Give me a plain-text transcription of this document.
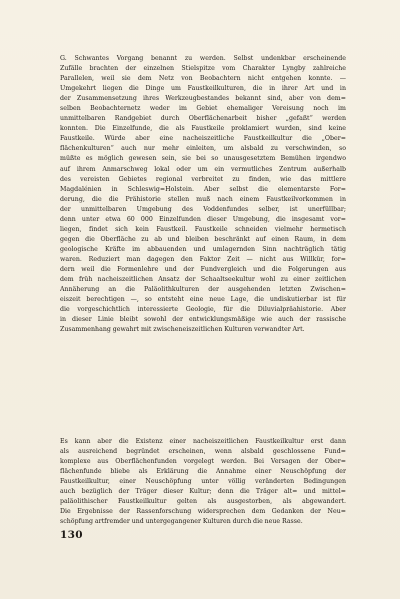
G. Schwantes Vorgang benannt zu werden. Selbst undenkbar erscheinende
Zufälle brachten der einzelnen Stielspitze vom Charakter Lyngby zahlreiche
Parallelen, weil sie dem Netz von Beobachtern nicht entgehen konnte. —
Umgekehrt liegen die Dinge um Faustkeilkulturen, die in ihrer Art und in
der Zusammensetzung ihres Werkzeugbestandes bekannt sind, aber von dem=
selben Beobachternetz weder im Gebiet ehemaliger Vereisung noch im
unmittelbaren Randgebiet durch Oberflächenarbeit bisher „gefaßt“ werden
konnten. Die Einzelfunde, die als Faustkeile proklamiert wurden, sind keine
Faustkeile. Würde aber eine nacheiszeitliche Faustkeilkultur die „Ober=
flächenkulturen“ auch nur mehr einleiten, um alsbald zu verschwinden, so
müßte es möglich gewesen sein, sie bei so unausgesetztem Bemühen irgendwo
auf ihrem Anmarschweg lokal oder um ein vermutliches Zentrum außerhalb
des vereisten Gebietes regional verbreitet zu finden, wie das mittlere
Magdalénien in Schleswig=Holstein. Aber selbst die elementarste For=
derung, die die Prähistorie stellen muß nach einem Faustkeilvorkommen in
der unmittelbaren Umgebung des Voddenfundes selber, ist unerfüllbar;
denn unter etwa 60 000 Einzelfunden dieser Umgebung, die insgesamt vor=
liegen, findet sich kein Faustkeil. Faustkeile schneiden vielmehr hermetisch
gegen die Oberfläche zu ab und bleiben beschränkt auf einen Raum, in dem
geologische Kräfte im abbauenden und umlagernden Sinn nachträglich tätig
waren. Reduziert man dagegen den Faktor Zeit — nicht aus Willkür, for=
dern weil die Formenlehre und der Fundvergleich und die Folgerungen aus
dem früh nacheiszeitlichen Ansatz der Schaaltseekultur wohl zu einer zeitlichen
Annäherung an die Paläolithkulturen der ausgehenden letzten Zwischen=
eiszeit berechtigen —, so entsteht eine neue Lage, die undiskutierbar ist für
die vorgeschichtlich interessierte Geologie, für die Diluvialpräahistorie. Aber
in dieser Linie bleibt sowohl der entwicklungsmäßige wie auch der rassische
Zusammenhang gewahrt mit zwischeneiszeitlichen Kulturen verwandter Art.
Es kann aber die Existenz einer nacheiszeitlichen Faustkeilkultur erst dann
als ausreichend begründet erscheinen, wenn alsbald geschlossene Fund=
komplexe aus Oberflächenfunden vorgelegt werden. Bei Versagen der Ober=
flächenfunde bliebe als Erklärung die Annahme einer Neuschöpfung der
Faustkeilkultur, einer Neuschöpfung unter völlig veränderten Bedingungen
auch bezüglich der Träger dieser Kultur; denn die Träger alt= und mittel=
paläolithischer Faustkeilkultur gelten als ausgestorben, als abgewandert.
Die Ergebnisse der Rassenforschung widersprechen dem Gedanken der Neu=
schöpfung artfremder und untergegangener Kulturen durch die neue Rasse.
130
